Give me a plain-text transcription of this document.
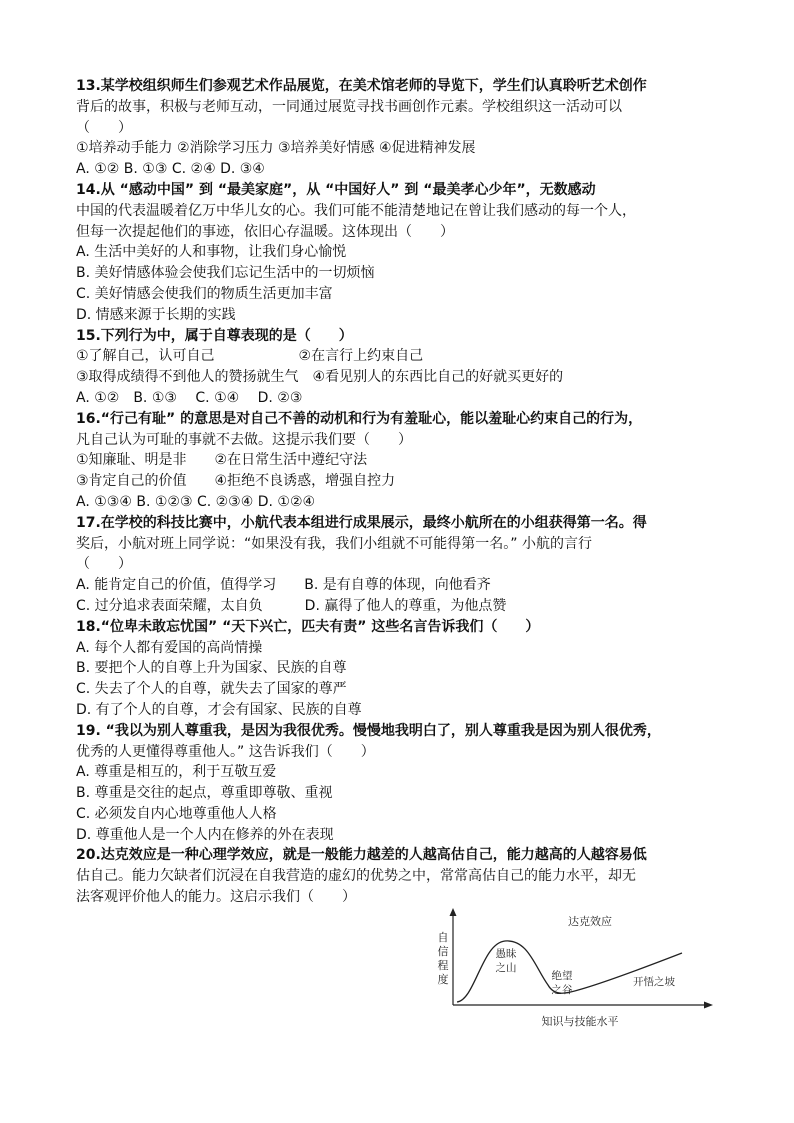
13.某学校组织师生们参观艺术作品展览，在美术馆老师的导览下，学生们认真聆听艺术创作
背后的故事，积极与老师互动，一同通过展览寻找书画创作元素。学校组织这一活动可以
（　　）
①培养动手能力 ②消除学习压力 ③培养美好情感 ④促进精神发展
A. ①② B. ①③ C. ②④ D. ③④
14.从 “感动中国” 到 “最美家庭”，从 “中国好人” 到 “最美孝心少年”，无数感动
中国的代表温暖着亿万中华儿女的心。我们可能不能清楚地记在曾让我们感动的每一个人，
但每一次提起他们的事迹，依旧心存温暖。这体现出（　　）
A. 生活中美好的人和事物，让我们身心愉悦
B. 美好情感体验会使我们忘记生活中的一切烦恼
C. 美好情感会使我们的物质生活更加丰富
D. 情感来源于长期的实践
15.下列行为中，属于自尊表现的是（　　）
①了解自己，认可自己　　　　　　②在言行上约束自己
③取得成绩得不到他人的赞扬就生气　④看见别人的东西比自己的好就买更好的
A. ①②　B. ①③　 C. ①④　 D. ②③
16.“行己有耻” 的意思是对自己不善的动机和行为有羞耻心，能以羞耻心约束自己的行为，
凡自己认为可耻的事就不去做。这提示我们要（　　）
①知廉耻、明是非　　②在日常生活中遵纪守法
③肯定自己的价值　　④拒绝不良诱惑，增强自控力
A. ①③④ B. ①②③ C. ②③④ D. ①②④
17.在学校的科技比赛中，小航代表本组进行成果展示，最终小航所在的小组获得第一名。得
奖后，小航对班上同学说：“如果没有我，我们小组就不可能得第一名。” 小航的言行
（　　）
A. 能肯定自己的价值，值得学习　　B. 是有自尊的体现，向他看齐
C. 过分追求表面荣耀，太自负　　　D. 赢得了他人的尊重，为他点赞
18.“位卑未敢忘忧国” “天下兴亡，匹夫有责” 这些名言告诉我们（　　）
A. 每个人都有爱国的高尚情操
B. 要把个人的自尊上升为国家、民族的自尊
C. 失去了个人的自尊，就失去了国家的尊严
D. 有了个人的自尊，才会有国家、民族的自尊
19. “我以为别人尊重我，是因为我很优秀。慢慢地我明白了，别人尊重我是因为别人很优秀，
优秀的人更懂得尊重他人。” 这告诉我们（　　）
A. 尊重是相互的，利于互敬互爱
B. 尊重是交往的起点，尊重即尊敬、重视
C. 必须发自内心地尊重他人人格
D. 尊重他人是一个人内在修养的外在表现
20.达克效应是一种心理学效应，就是一般能力越差的人越高估自己，能力越高的人越容易低
估自己。能力欠缺者们沉浸在自我营造的虚幻的优势之中，常常高估自己的能力水平，却无
法客观评价他人的能力。这启示我们（　　）
自
信
程
度
达克效应
愚昧
之山
绝望
之谷
开悟之坡
知识与技能水平
